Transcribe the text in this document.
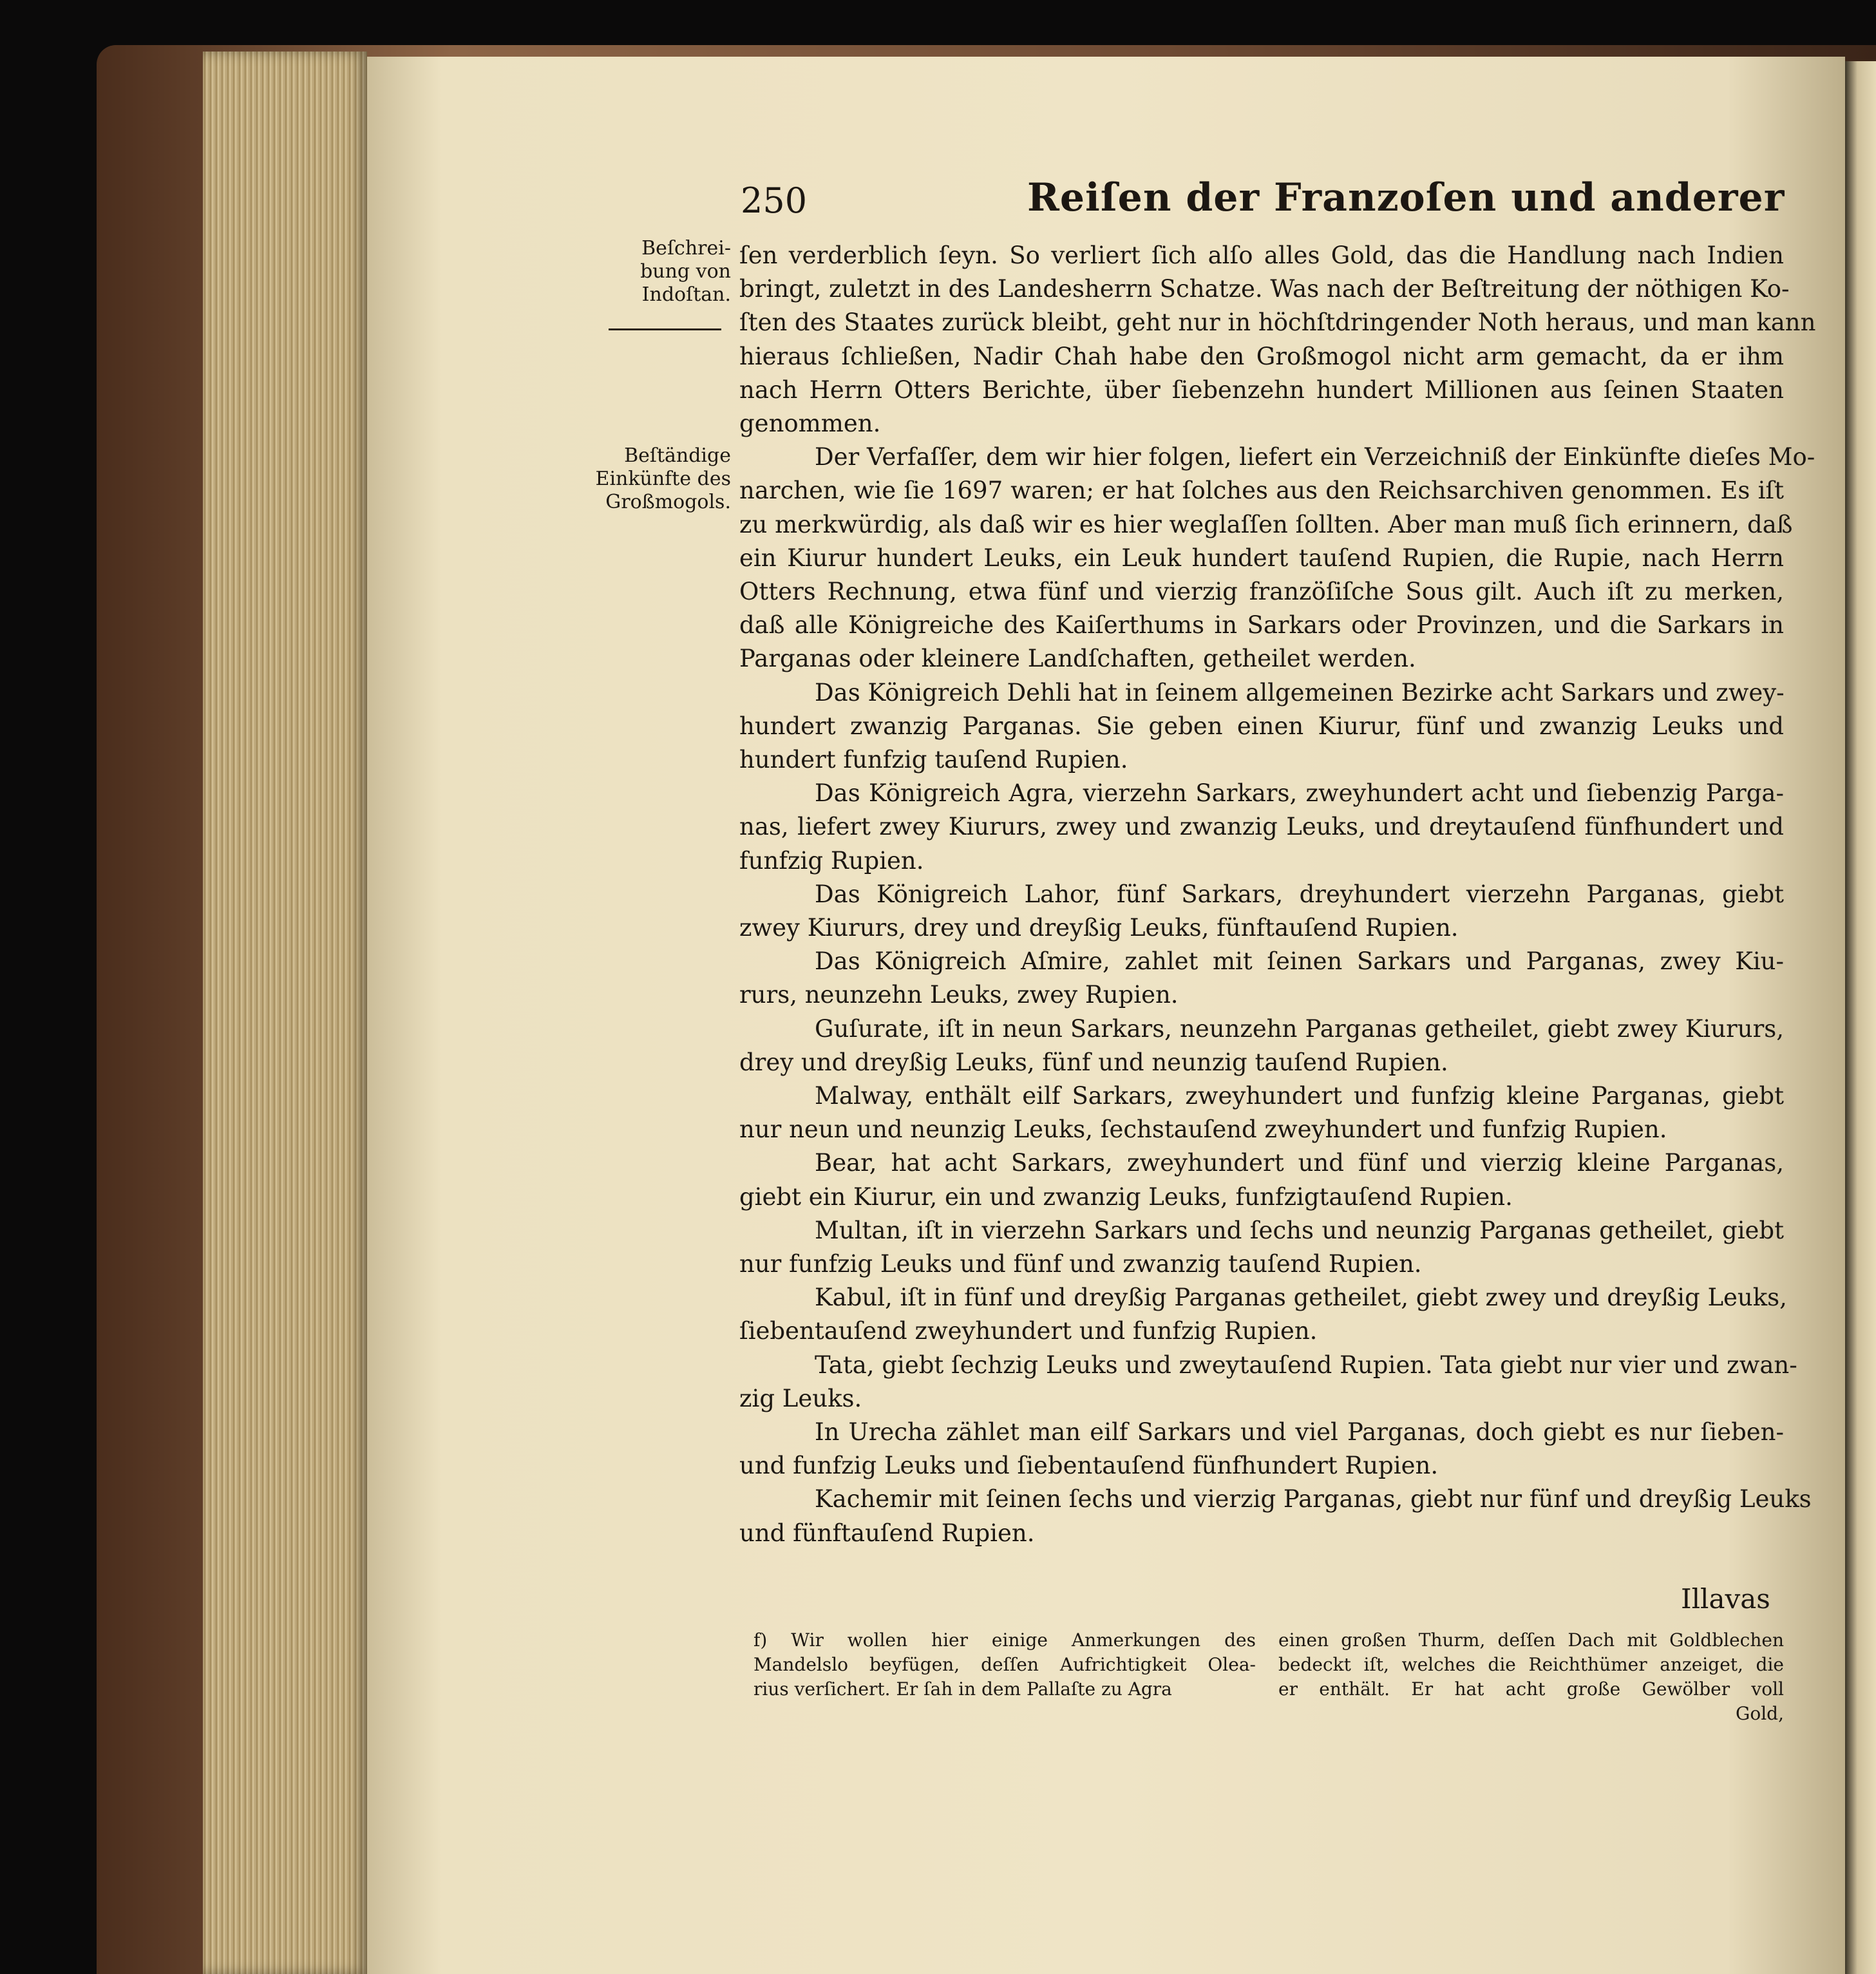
250	Reiſen der Franzoſen und anderer
Beſchrei-
bung von
Indoſtan.
Beſtändige
Einkünfte des
Großmogols.
ſen verderblich ſeyn. So verliert ſich alſo alles Gold, das die Handlung nach Indien
bringt, zuletzt in des Landesherrn Schatze. Was nach der Beſtreitung der nöthigen Ko-
ſten des Staates zurück bleibt, geht nur in höchſtdringender Noth heraus, und man kann
hieraus ſchließen, Nadir Chah habe den Großmogol nicht arm gemacht, da er ihm
nach Herrn Otters Berichte, über ſiebenzehn hundert Millionen aus ſeinen Staaten
genommen.
Der Verfaſſer, dem wir hier folgen, liefert ein Verzeichniß der Einkünfte dieſes Mo-
narchen, wie ſie 1697 waren; er hat ſolches aus den Reichsarchiven genommen. Es iſt
zu merkwürdig, als daß wir es hier weglaſſen ſollten. Aber man muß ſich erinnern, daß
ein Kiurur hundert Leuks, ein Leuk hundert tauſend Rupien, die Rupie, nach Herrn
Otters Rechnung, etwa fünf und vierzig franzöſiſche Sous gilt. Auch iſt zu merken,
daß alle Königreiche des Kaiſerthums in Sarkars oder Provinzen, und die Sarkars in
Parganas oder kleinere Landſchaften, getheilet werden.
Das Königreich Dehli hat in ſeinem allgemeinen Bezirke acht Sarkars und zwey-
hundert zwanzig Parganas. Sie geben einen Kiurur, fünf und zwanzig Leuks und
hundert funfzig tauſend Rupien.
Das Königreich Agra, vierzehn Sarkars, zweyhundert acht und ſiebenzig Parga-
nas, liefert zwey Kiururs, zwey und zwanzig Leuks, und dreytauſend fünfhundert und
funfzig Rupien.
Das Königreich Lahor, fünf Sarkars, dreyhundert vierzehn Parganas, giebt
zwey Kiururs, drey und dreyßig Leuks, fünftauſend Rupien.
Das Königreich Aſmire, zahlet mit ſeinen Sarkars und Parganas, zwey Kiu-
rurs, neunzehn Leuks, zwey Rupien.
Guſurate, iſt in neun Sarkars, neunzehn Parganas getheilet, giebt zwey Kiururs,
drey und dreyßig Leuks, fünf und neunzig tauſend Rupien.
Malway, enthält eilf Sarkars, zweyhundert und funfzig kleine Parganas, giebt
nur neun und neunzig Leuks, ſechstauſend zweyhundert und funfzig Rupien.
Bear, hat acht Sarkars, zweyhundert und fünf und vierzig kleine Parganas,
giebt ein Kiurur, ein und zwanzig Leuks, funfzigtauſend Rupien.
Multan, iſt in vierzehn Sarkars und ſechs und neunzig Parganas getheilet, giebt
nur funfzig Leuks und fünf und zwanzig tauſend Rupien.
Kabul, iſt in fünf und dreyßig Parganas getheilet, giebt zwey und dreyßig Leuks,
ſiebentauſend zweyhundert und funfzig Rupien.
Tata, giebt ſechzig Leuks und zweytauſend Rupien. Tata giebt nur vier und zwan-
zig Leuks.
In Urecha zählet man eilf Sarkars und viel Parganas, doch giebt es nur ſieben-
und funfzig Leuks und ſiebentauſend fünfhundert Rupien.
Kachemir mit ſeinen ſechs und vierzig Parganas, giebt nur fünf und dreyßig Leuks
und fünftauſend Rupien.
Illavas
f) Wir wollen hier einige Anmerkungen des
Mandelslo beyfügen, deſſen Aufrichtigkeit Olea-
rius verſichert. Er ſah in dem Pallaſte zu Agra
einen großen Thurm, deſſen Dach mit Goldblechen
bedeckt iſt, welches die Reichthümer anzeiget, die
er enthält. Er hat acht große Gewölber voll
Gold,
